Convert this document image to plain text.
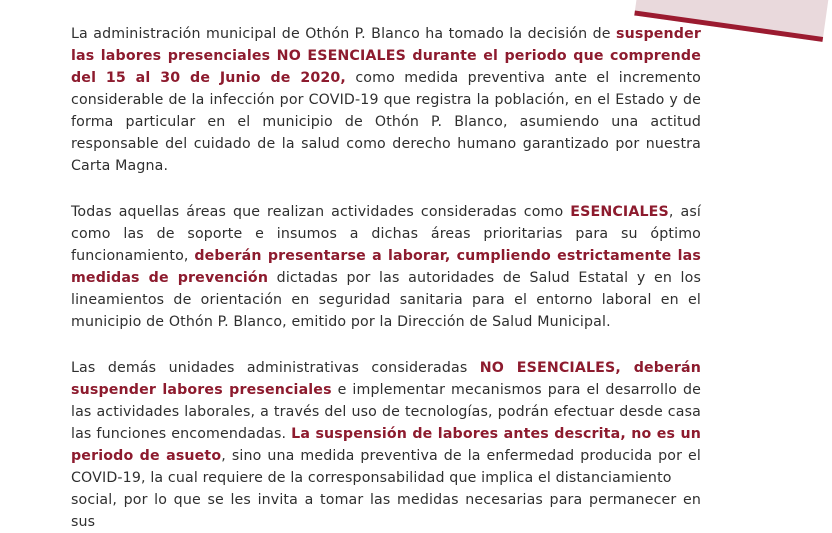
La administración municipal de Othón P. Blanco ha tomado la decisión de suspender las labores presenciales NO ESENCIALES durante el periodo que comprende del 15 al 30 de Junio de 2020, como medida preventiva ante el incremento considerable de la infección por COVID-19 que registra la población, en el Estado y de forma particular en el municipio de Othón P. Blanco, asumiendo una actitud responsable del cuidado de la salud como derecho humano garantizado por nuestra Carta Magna.

Todas aquellas áreas que realizan actividades consideradas como ESENCIALES, así como las de soporte e insumos a dichas áreas prioritarias para su óptimo funcionamiento, deberán presentarse a laborar, cumpliendo estrictamente las medidas de prevención dictadas por las autoridades de Salud Estatal y en los lineamientos de orientación en seguridad sanitaria para el entorno laboral en el municipio de Othón P. Blanco, emitido por la Dirección de Salud Municipal.

Las demás unidades administrativas consideradas NO ESENCIALES, deberán suspender labores presenciales e implementar mecanismos para el desarrollo de las actividades laborales, a través del uso de tecnologías, podrán efectuar desde casa las funciones encomendadas. La suspensión de labores antes descrita, no es un periodo de asueto, sino una medida preventiva de la enfermedad producida por el COVID-19, la cual requiere de la corresponsabilidad que implica el distanciamiento

social, por lo que se les invita a tomar las medidas necesarias para permanecer en sus
